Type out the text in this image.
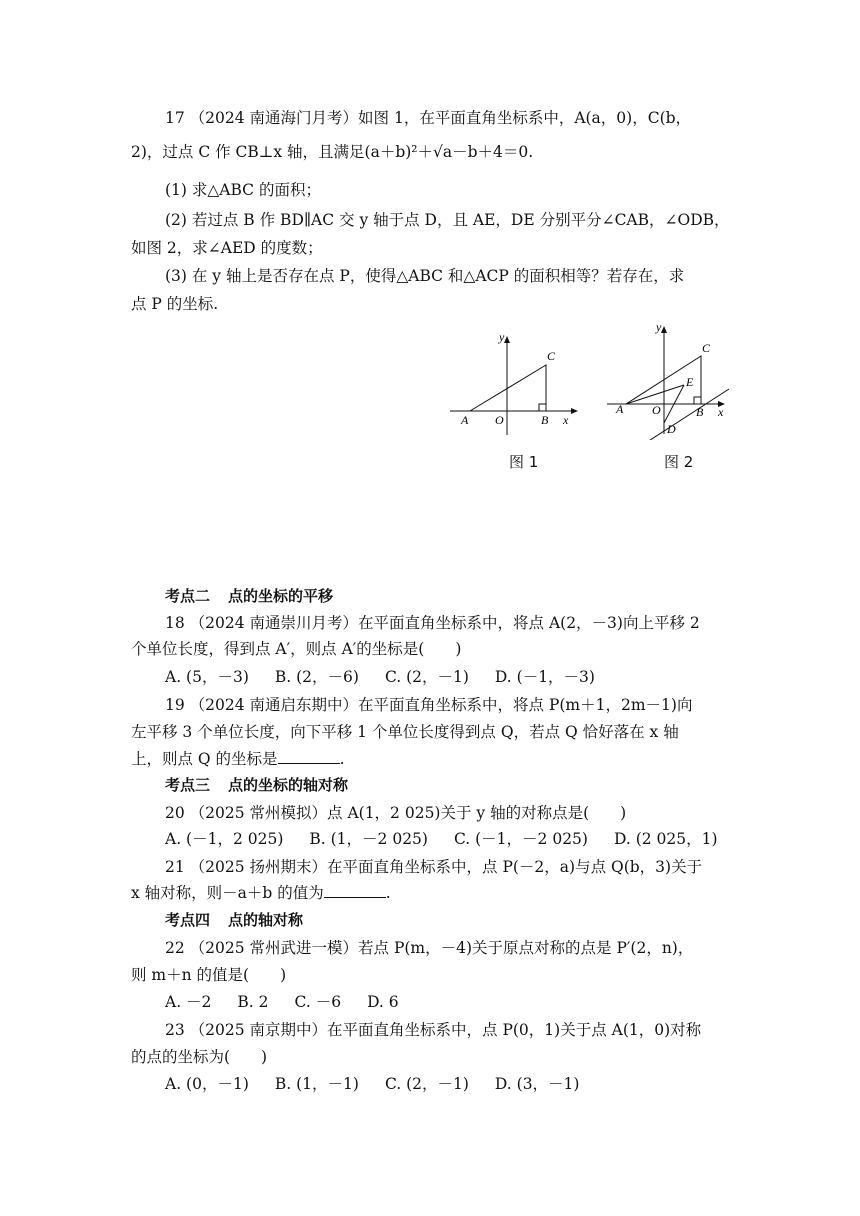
17 （2024 南通海门月考）如图 1，在平面直角坐标系中，A(a，0)，C(b，
2)，过点 C 作 CB⊥x 轴，且满足(a＋b)²＋√a－b＋4＝0.
(1) 求△ABC 的面积；
(2) 若过点 B 作 BD∥AC 交 y 轴于点 D，且 AE，DE 分别平分∠CAB，∠ODB，
如图 2，求∠AED 的度数；
(3) 在 y 轴上是否存在点 P，使得△ABC 和△ACP 的面积相等？若存在，求
点 P 的坐标.
y
x
A O	B
C
图 1
y
x
A O	B
C
E
D
图 2
考点二 点的坐标的平移
18 （2024 南通崇川月考）在平面直角坐标系中，将点 A(2，－3)向上平移 2
个单位长度，得到点 A′，则点 A′的坐标是(　　)
A. (5，－3) B. (2，－6) C. (2，－1) D. (－1，－3)
19 （2024 南通启东期中）在平面直角坐标系中，将点 P(m＋1，2m－1)向
左平移 3 个单位长度，向下平移 1 个单位长度得到点 Q，若点 Q 恰好落在 x 轴
上，则点 Q 的坐标是	.
考点三 点的坐标的轴对称
20 （2025 常州模拟）点 A(1，2 025)关于 y 轴的对称点是(　　)
A. (－1，2 025) B. (1，－2 025) C. (－1，－2 025) D. (2 025，1)
21 （2025 扬州期末）在平面直角坐标系中，点 P(－2，a)与点 Q(b，3)关于
x 轴对称，则－a＋b 的值为	.
考点四 点的轴对称
22 （2025 常州武进一模）若点 P(m，－4)关于原点对称的点是 P′(2，n)，
则 m＋n 的值是(　　)
A. －2 B. 2 C. －6 D. 6
23 （2025 南京期中）在平面直角坐标系中，点 P(0，1)关于点 A(1，0)对称
的点的坐标为(　　)
A. (0，－1) B. (1，－1) C. (2，－1) D. (3，－1)
